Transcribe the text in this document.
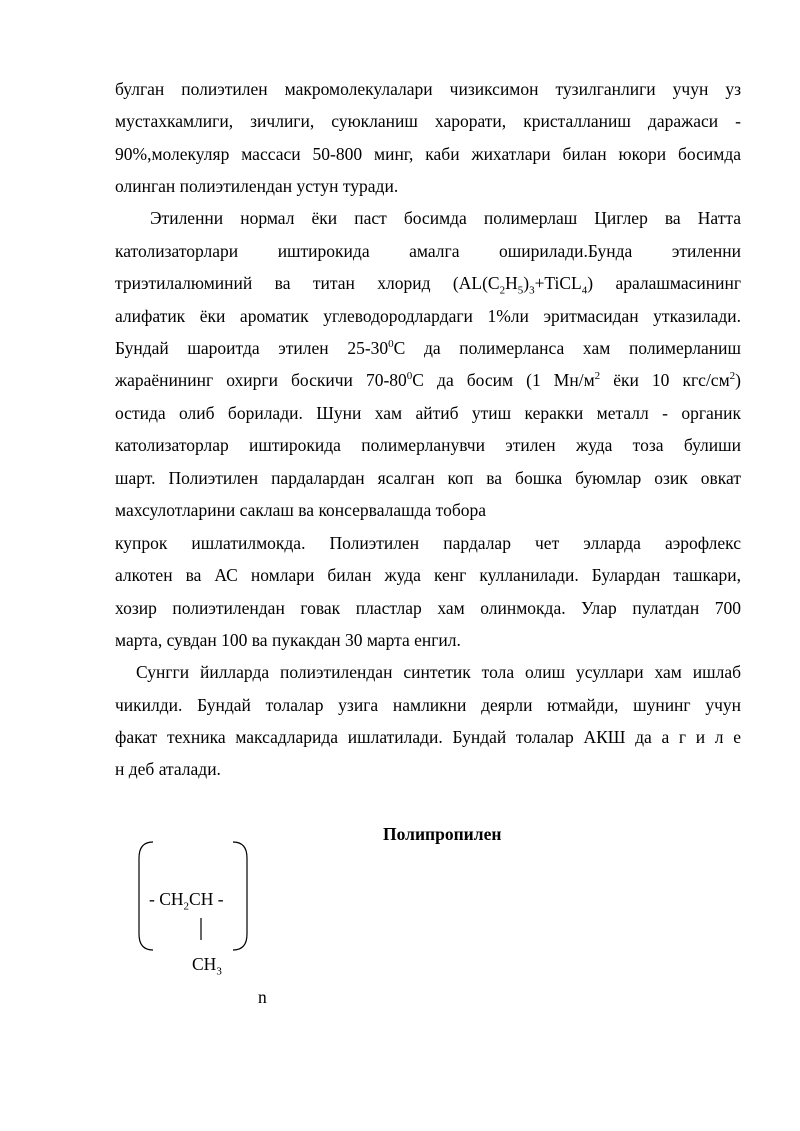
булган полиэтилен макромолекулалари чизиксимон тузилганлиги учун уз
мустахкамлиги, зичлиги, суюкланиш харорати, кристалланиш даражаси -
90%,молекуляр массаси 50-800 минг, каби жихатлари билан юкори босимда
олинган полиэтилендан устун туради.
Этиленни нормал ёки паст босимда полимерлаш Циглер ва Натта
католизаторлари иштирокида амалга оширилади.Бунда этиленни
триэтилалюминий ва титан хлорид $(AL(C_2H_5)_3+TiCL_4)$ аралашмасининг
алифатик ёки ароматик углеводородлардаги 1%ли эритмасидан утказилади.
Бундай шароитда этилен $25-30^0C$ да полимерланса хам полимерланиш
жараёнининг охирги боскичи $70-80^0C$ да босим (1 $Мн/м^2$ ёки 10 кгс/$см^2$)
остида олиб борилади. Шуни хам айтиб утиш керакки металл - органик
католизаторлар иштирокида полимерланувчи этилен жуда тоза булиши
шарт. Полиэтилен пардалардан ясалган коп ва бошка буюмлар озик овкат
махсулотларини саклаш ва консервалашда тобора
купрок ишлатилмокда. Полиэтилен пардалар чет элларда аэрофлекс
алкотен ва АС номлари билан жуда кенг кулланилади. Булардан ташкари,
хозир полиэтилендан говак пластлар хам олинмокда. Улар пулатдан 700
марта, сувдан 100 ва пукакдан 30 марта енгил.
Сунгги йилларда полиэтилендан синтетик тола олиш усуллари хам ишлаб
чикилди. Бундай толалар узига намликни деярли ютмайди, шунинг учун
факат техника максадларида ишлатилади. Бундай толалар АКШ да а г и л е
н деб аталади.
Полипропилен
- $CH_2CH$ -
$CH_3$
n
